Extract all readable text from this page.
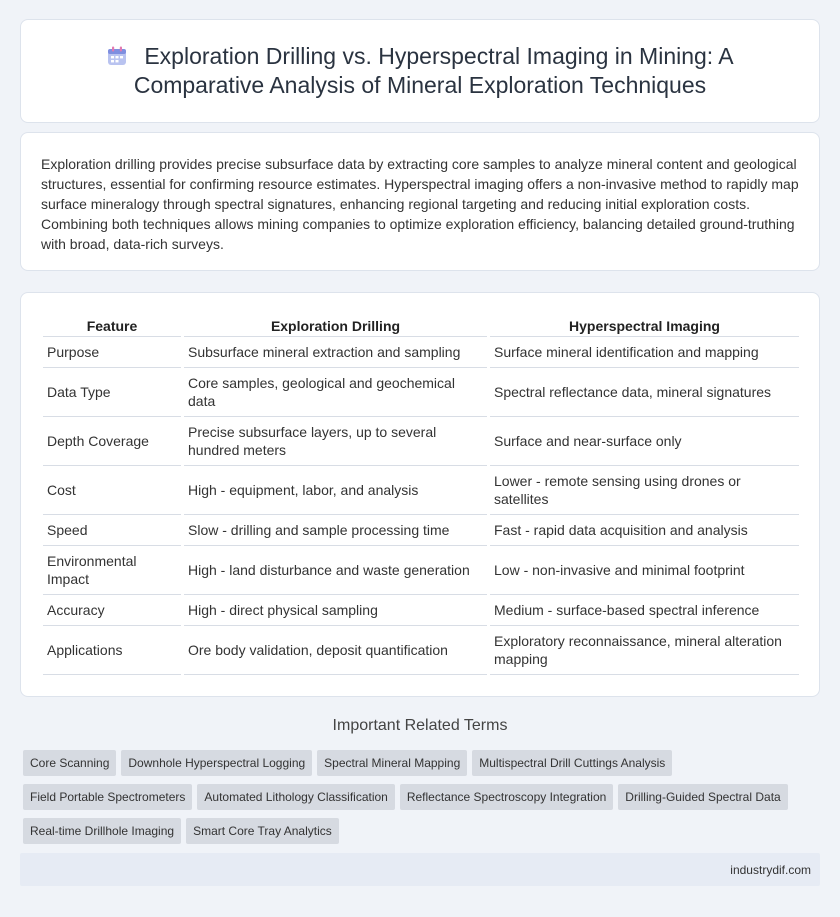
Exploration Drilling vs. Hyperspectral Imaging in Mining: A Comparative Analysis of Mineral Exploration Techniques

Exploration drilling provides precise subsurface data by extracting core samples to analyze mineral content and geological structures, essential for confirming resource estimates. Hyperspectral imaging offers a non-invasive method to rapidly map surface mineralogy through spectral signatures, enhancing regional targeting and reducing initial exploration costs. Combining both techniques allows mining companies to optimize exploration efficiency, balancing detailed ground-truthing with broad, data-rich surveys.

Feature	Exploration Drilling	Hyperspectral Imaging
Purpose	Subsurface mineral extraction and sampling	Surface mineral identification and mapping
Data Type	Core samples, geological and geochemical data	Spectral reflectance data, mineral signatures
Depth Coverage	Precise subsurface layers, up to several hundred meters	Surface and near-surface only
Cost	High - equipment, labor, and analysis	Lower - remote sensing using drones or satellites
Speed	Slow - drilling and sample processing time	Fast - rapid data acquisition and analysis
Environmental Impact	High - land disturbance and waste generation	Low - non-invasive and minimal footprint
Accuracy	High - direct physical sampling	Medium - surface-based spectral inference
Applications	Ore body validation, deposit quantification	Exploratory reconnaissance, mineral alteration mapping
Important Related Terms
Core Scanning Downhole Hyperspectral Logging Spectral Mineral Mapping Multispectral Drill Cuttings Analysis
Field Portable Spectrometers Automated Lithology Classification Reflectance Spectroscopy Integration Drilling-Guided Spectral Data
Real-time Drillhole Imaging Smart Core Tray Analytics
industrydif.com
